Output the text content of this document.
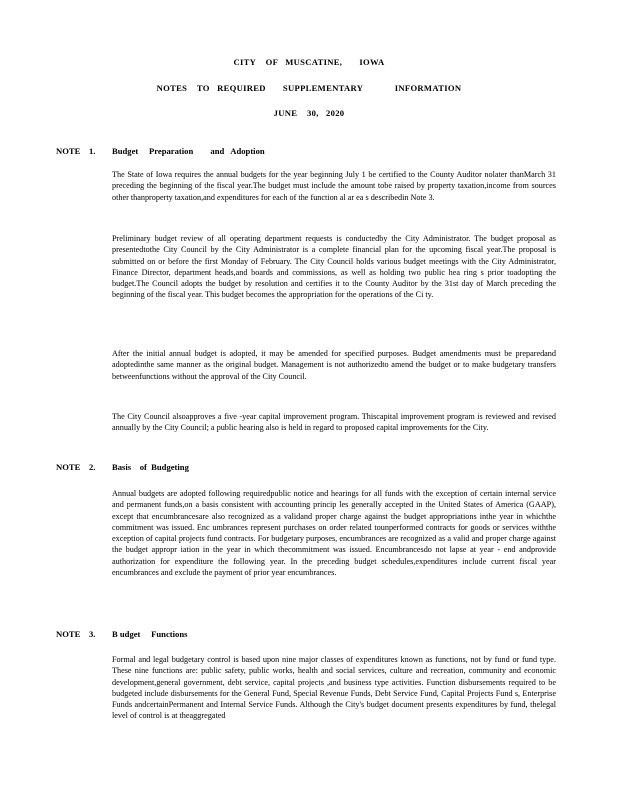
CITY    OF   MUSCATINE,       IOWA
NOTES    TO   REQUIRED       SUPPLEMENTARY             INFORMATION
JUNE    30,   2020
NOTE    1. Budget     Preparation        and   Adoption
The State of Iowa requires the annual budgets for the year beginning July 1 be certified to the County Auditor nolater thanMarch 31 preceding the beginning of the fiscal year.The budget must include the amount tobe raised by property taxation,income from sources other thanproperty taxation,and expenditures for each of the function al ar ea s describedin Note 3.
Preliminary budget review of all operating department requests is conductedby the City Administrator. The budget proposal as presentedtothe City Council by the City Administrator is a complete financial plan for the upcoming fiscal year.The proposal is submitted on or before the first Monday of February. The City Council holds various budget meetings with the City Administrator, Finance Director, department heads,and boards and commissions, as well as holding two public hea ring s prior toadopting the budget.The Council adopts the budget by resolution and certifies it to the County Auditor by the 31st day of March preceding the beginning of the fiscal year. This budget becomes the appropriation for the operations of the Ci ty.
After the initial annual budget is adopted, it may be amended for specified purposes. Budget amendments must be preparedand adoptedinthe same manner as the original budget. Management is not authorizedto amend the budget or to make budgetary transfers betweenfunctions without the approval of the City Council.
The City Council alsoapproves a five -year capital improvement program. Thiscapital improvement program is reviewed and revised annually by the City Council; a public hearing also is held in regard to proposed capital improvements for the City.
NOTE    2. Basis    of  Budgeting
Annual budgets are adopted following requiredpublic notice and hearings for all funds with the exception of certain internal service and permanent funds,on a basis consistent with accounting princip les generally accepted in the United States of America (GAAP), except that encumbrancesare also recognized as a validand proper charge against the budget appropriations inthe year in whichthe commitment was issued. Enc umbrances represent purchases on order related tounperformed contracts for goods or services withthe exception of capital projects fund contracts. For budgetary purposes, encumbrances are recognized as a valid and proper charge against the budget appropr iation in the year in which thecommitment was issued. Encumbrancesdo not lapse at year - end andprovide authorization for expenditure the following year. In the preceding budget schedules,expenditures include current fiscal year encumbrances and exclude the payment of prior year encumbrances.
NOTE    3. B udget     Functions
Formal and legal budgetary control is based upon nine major classes of expenditures known as functions, not by fund or fund type. These nine functions are: public safety, public works, health and social services, culture and recreation, community and economic development,general government, debt service, capital projects ,and business type activities. Function disbursements required to be budgeted include disbursements for the General Fund, Special Revenue Funds, Debt Service Fund, Capital Projects Fund s, Enterprise Funds andcertainPermanent and Internal Service Funds. Although the City's budget document presents expenditures by fund, thelegal level of control is at theaggregated
